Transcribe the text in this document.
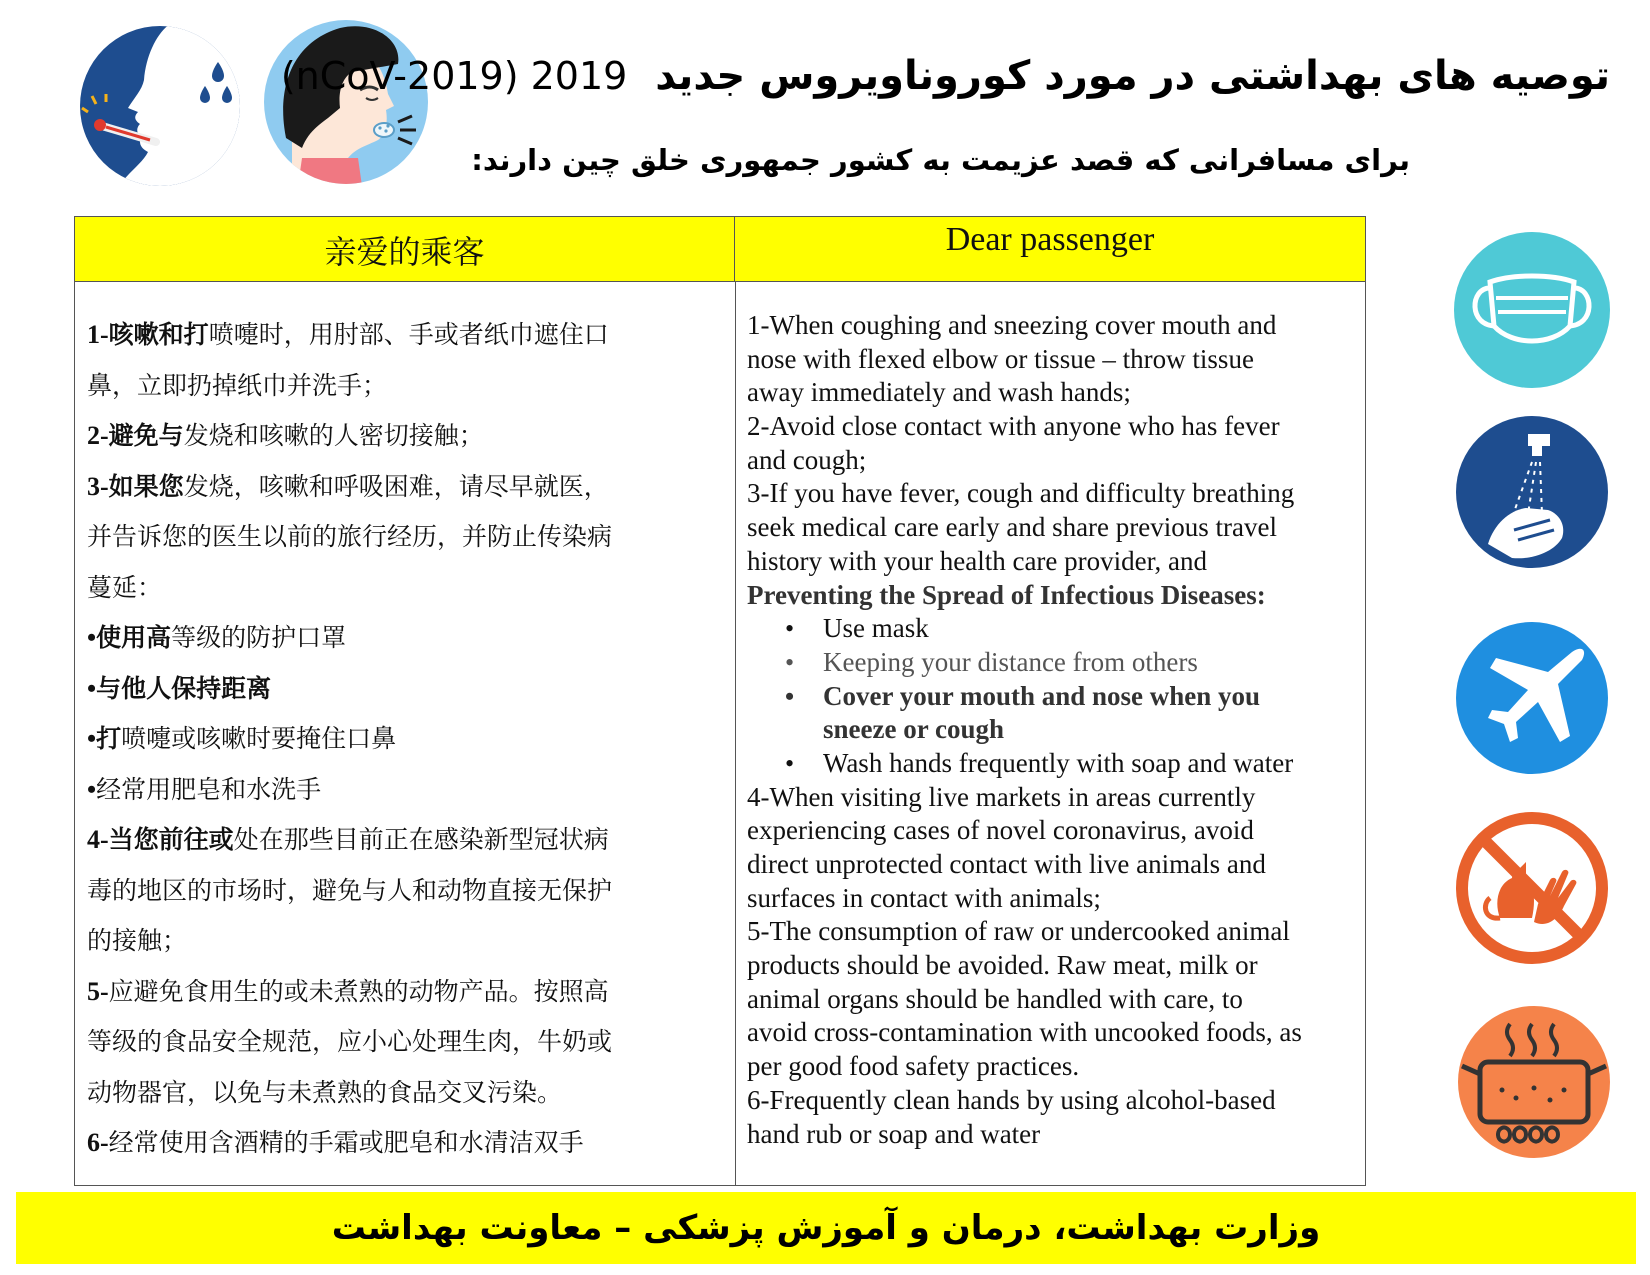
توصیه های بهداشتی در مورد کوروناویروس جدید  (nCoV-2019) 2019
برای مسافرانی که قصد عزیمت به کشور جمهوری خلق چین دارند:
亲爱的乘客	Dear passenger
1-咳嗽和打喷嚏时，用肘部、手或者纸巾遮住口
鼻，立即扔掉纸巾并洗手；
2-避免与发烧和咳嗽的人密切接触；
3-如果您发烧，咳嗽和呼吸困难，请尽早就医，
并告诉您的医生以前的旅行经历，并防止传染病
蔓延：
•使用高等级的防护口罩
•与他人保持距离
•打喷嚏或咳嗽时要掩住口鼻
•经常用肥皂和水洗手
4-当您前往或处在那些目前正在感染新型冠状病
毒的地区的市场时，避免与人和动物直接无保护
的接触；
5-应避免食用生的或未煮熟的动物产品。按照高
等级的食品安全规范，应小心处理生肉，牛奶或
动物器官，以免与未煮熟的食品交叉污染。
6-经常使用含酒精的手霜或肥皂和水清洁双手
1-When coughing and sneezing cover mouth and
nose with flexed elbow or tissue – throw tissue
away immediately and wash hands;
2-Avoid close contact with anyone who has fever
and cough;
3-If you have fever, cough and difficulty breathing
seek medical care early and share previous travel
history with your health care provider, and
Preventing the Spread of Infectious Diseases:
• Use mask
• Keeping your distance from others
• Cover your mouth and nose when you
sneeze or cough
• Wash hands frequently with soap and water
4-When visiting live markets in areas currently
experiencing cases of novel coronavirus, avoid
direct unprotected contact with live animals and
surfaces in contact with animals;
5-The consumption of raw or undercooked animal
products should be avoided. Raw meat, milk or
animal organs should be handled with care, to
avoid cross-contamination with uncooked foods, as
per good food safety practices.
6-Frequently clean hands by using alcohol-based
hand rub or soap and water
وزارت بهداشت، درمان و آموزش پزشکی – معاونت بهداشت
